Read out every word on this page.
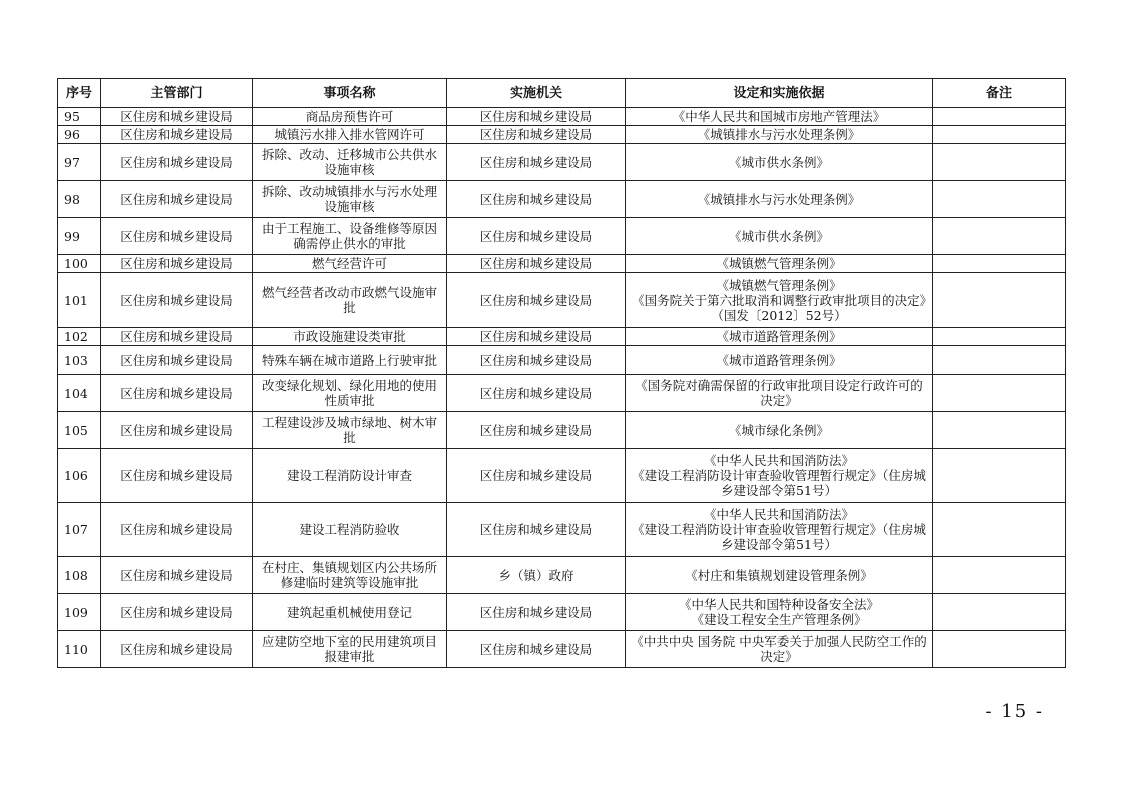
序号	主管部门	事项名称	实施机关	设定和实施依据	备注
95	区住房和城乡建设局	商品房预售许可	区住房和城乡建设局	《中华人民共和国城市房地产管理法》	
96	区住房和城乡建设局	城镇污水排入排水管网许可	区住房和城乡建设局	《城镇排水与污水处理条例》	
97	区住房和城乡建设局	拆除、改动、迁移城市公共供水设施审核	区住房和城乡建设局	《城市供水条例》	
98	区住房和城乡建设局	拆除、改动城镇排水与污水处理设施审核	区住房和城乡建设局	《城镇排水与污水处理条例》	
99	区住房和城乡建设局	由于工程施工、设备维修等原因确需停止供水的审批	区住房和城乡建设局	《城市供水条例》	
100	区住房和城乡建设局	燃气经营许可	区住房和城乡建设局	《城镇燃气管理条例》	
101	区住房和城乡建设局	燃气经营者改动市政燃气设施审批	区住房和城乡建设局	《城镇燃气管理条例》
《国务院关于第六批取消和调整行政审批项目的决定》（国发〔2012〕52号）	
102	区住房和城乡建设局	市政设施建设类审批	区住房和城乡建设局	《城市道路管理条例》	
103	区住房和城乡建设局	特殊车辆在城市道路上行驶审批	区住房和城乡建设局	《城市道路管理条例》	
104	区住房和城乡建设局	改变绿化规划、绿化用地的使用性质审批	区住房和城乡建设局	《国务院对确需保留的行政审批项目设定行政许可的决定》	
105	区住房和城乡建设局	工程建设涉及城市绿地、树木审批	区住房和城乡建设局	《城市绿化条例》	
106	区住房和城乡建设局	建设工程消防设计审查	区住房和城乡建设局	《中华人民共和国消防法》
《建设工程消防设计审查验收管理暂行规定》（住房城乡建设部令第51号）	
107	区住房和城乡建设局	建设工程消防验收	区住房和城乡建设局	《中华人民共和国消防法》
《建设工程消防设计审查验收管理暂行规定》（住房城乡建设部令第51号）	
108	区住房和城乡建设局	在村庄、集镇规划区内公共场所修建临时建筑等设施审批	乡（镇）政府	《村庄和集镇规划建设管理条例》	
109	区住房和城乡建设局	建筑起重机械使用登记	区住房和城乡建设局	《中华人民共和国特种设备安全法》
《建设工程安全生产管理条例》	
110	区住房和城乡建设局	应建防空地下室的民用建筑项目报建审批	区住房和城乡建设局	《中共中央 国务院 中央军委关于加强人民防空工作的决定》	
- 15 -
